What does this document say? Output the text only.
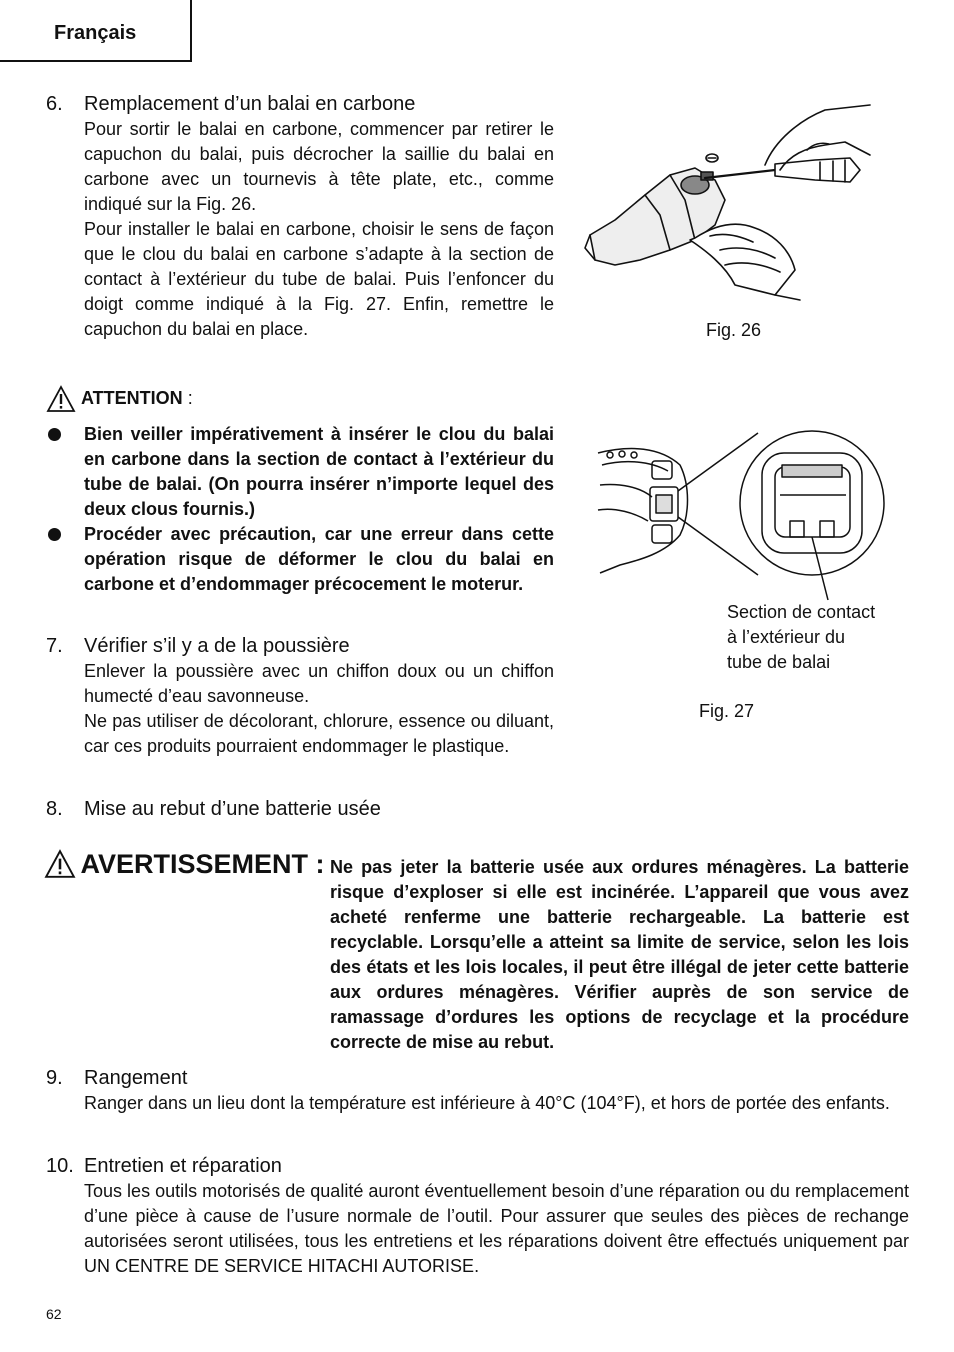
Français
6. Remplacement d’un balai en carbone

Pour sortir le balai en carbone, commencer par retirer le capuchon du balai, puis décrocher la saillie du balai en carbone avec un tournevis à tête plate, etc., comme indiqué sur la Fig. 26.

Pour installer le balai en carbone, choisir le sens de façon que le clou du balai en carbone s’adapte à la section de contact à l’extérieur du tube de balai. Puis l’enfoncer du doigt comme indiqué à la Fig. 27. Enfin, remettre le capuchon du balai en place.

ATTENTION :

Bien veiller impérativement à insérer le clou du balai en carbone dans la section de contact à l’extérieur du tube de balai. (On pourra insérer n’importe lequel des deux clous fournis.)

Procéder avec précaution, car une erreur dans cette opération risque de déformer le clou du balai en carbone et d’endommager précocement le moterur.

7. Vérifier s’il y a de la poussière

Enlever la poussière avec un chiffon doux ou un chiffon humecté d’eau savonneuse.

Ne pas utiliser de décolorant, chlorure, essence ou diluant, car ces produits pourraient endommager le plastique.

8. Mise au rebut d’une batterie usée
AVERTISSEMENT : Ne pas jeter la batterie usée aux ordures ménagères. La batterie risque d’exploser si elle est incinérée. L’appareil que vous avez acheté renferme une batterie rechargeable. La batterie est recyclable. Lorsqu’elle a atteint sa limite de service, selon les lois des états et les lois locales, il peut être illégal de jeter cette batterie aux ordures ménagères. Vérifier auprès de son service de ramassage d’ordures les options de recyclage et la procédure correcte de mise au rebut.

9. Rangement

Ranger dans un lieu dont la température est inférieure à 40°C (104°F), et hors de portée des enfants.

10. Entretien et réparation

Tous les outils motorisés de qualité auront éventuellement besoin d’une réparation ou du remplacement d’une pièce à cause de l’usure normale de l’outil. Pour assurer que seules des pièces de rechange autorisées seront utilisées, tous les entretiens et les réparations doivent être effectués uniquement par UN CENTRE DE SERVICE HITACHI AUTORISE.

Fig. 26
Section de contact
à l’extérieur du
tube de balai
Fig. 27
62
